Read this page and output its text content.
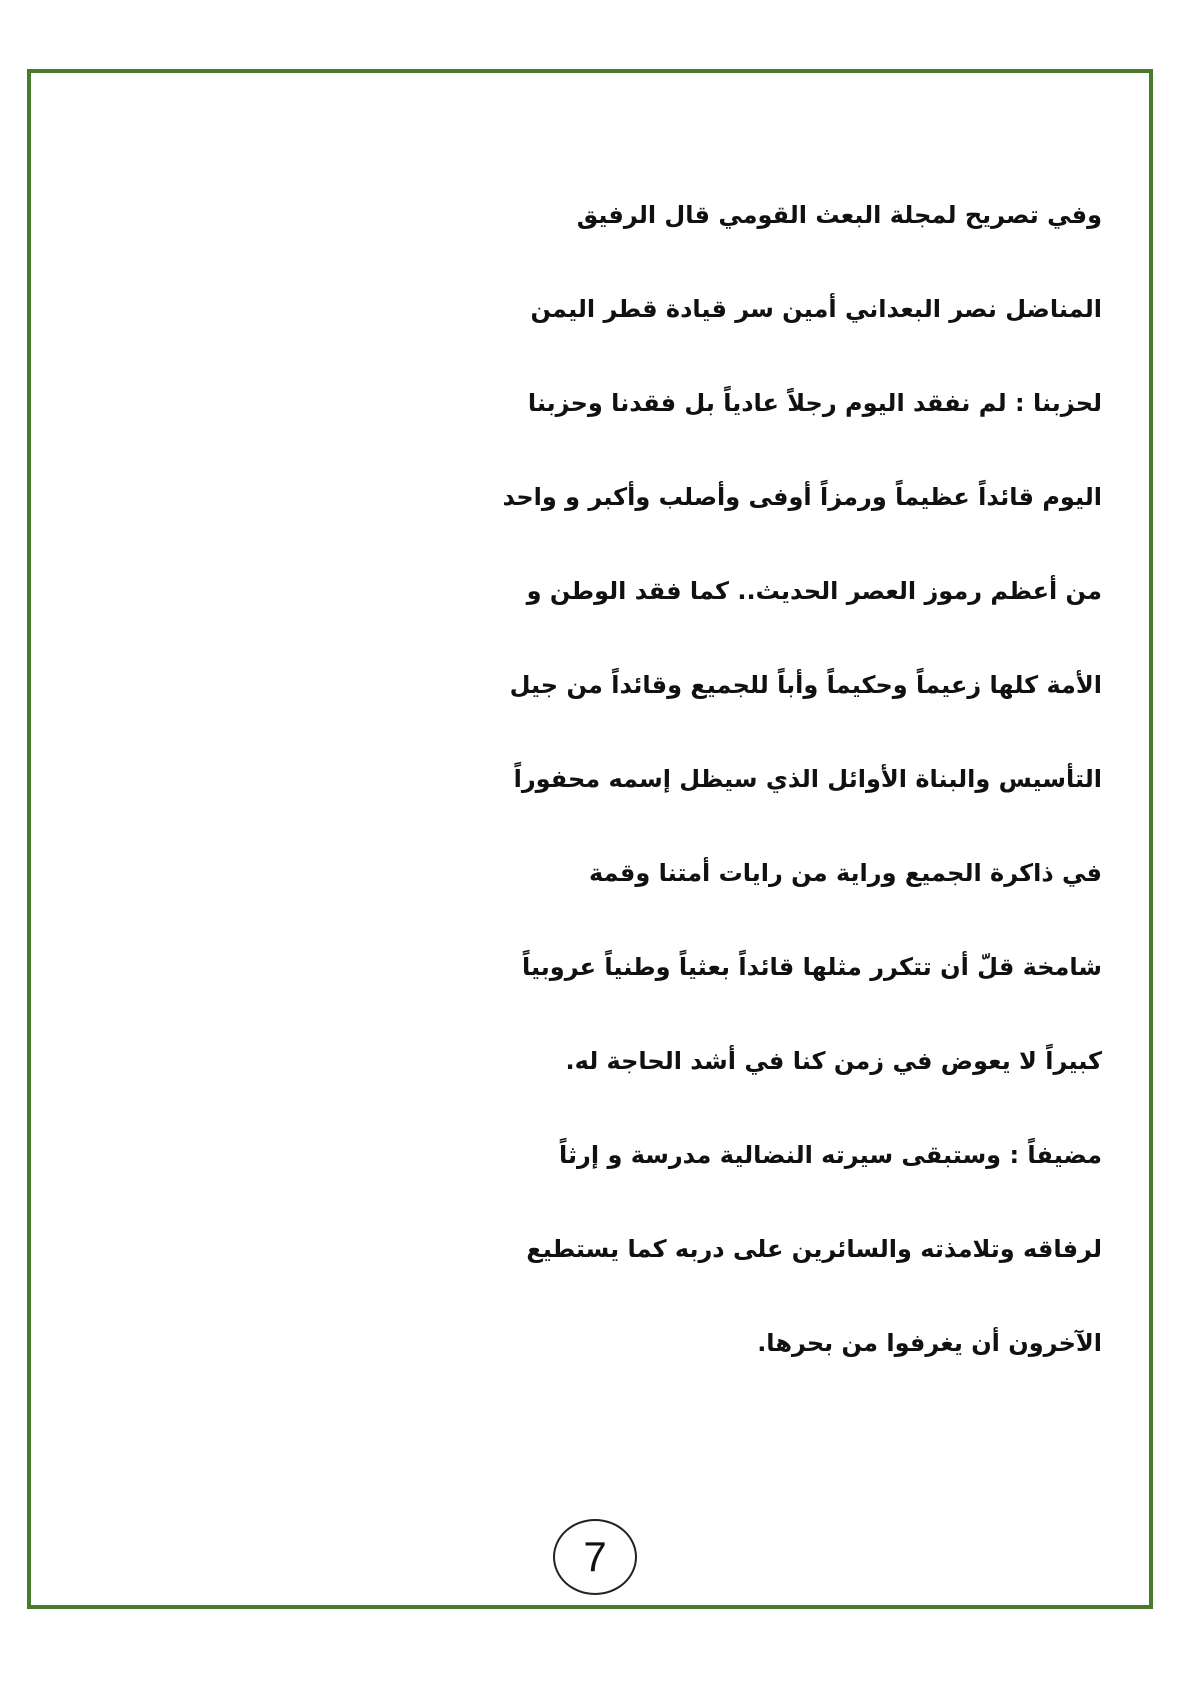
وفي تصريح لمجلة البعث القومي قال الرفيق
المناضل نصر البعداني أمين سر قيادة قطر اليمن
لحزبنا : لم نفقد اليوم رجلاً عادياً بل فقدنا وحزبنا
اليوم قائداً عظيماً ورمزاً أوفى وأصلب وأكبر و واحد
من أعظم رموز العصر الحديث.. كما فقد الوطن و
الأمة كلها زعيماً وحكيماً وأباً للجميع وقائداً من جيل
التأسيس والبناة الأوائل الذي سيظل إسمه محفوراً
في ذاكرة الجميع وراية من رايات أمتنا وقمة
شامخة قلّ أن تتكرر مثلها قائداً بعثياً وطنياً عروبياً
كبيراً لا يعوض في زمن كنا في أشد الحاجة له.
مضيفاً : وستبقى سيرته النضالية مدرسة و إرثاً
لرفاقه وتلامذته والسائرين على دربه كما يستطيع
الآخرون أن يغرفوا من بحرها.
7
